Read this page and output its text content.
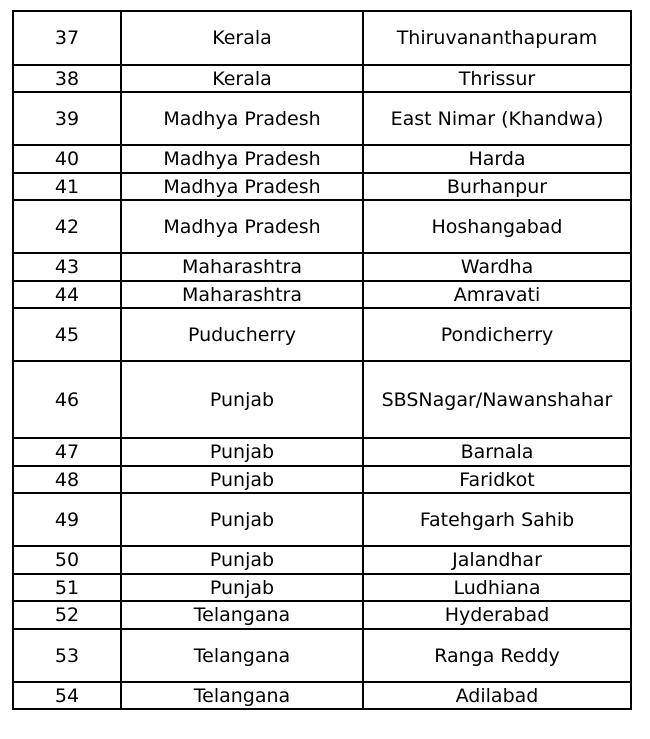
37	Kerala	Thiruvananthapuram
38	Kerala	Thrissur
39	Madhya Pradesh	East Nimar (Khandwa)
40	Madhya Pradesh	Harda
41	Madhya Pradesh	Burhanpur
42	Madhya Pradesh	Hoshangabad
43	Maharashtra	Wardha
44	Maharashtra	Amravati
45	Puducherry	Pondicherry
46	Punjab	SBSNagar/Nawanshahar
47	Punjab	Barnala
48	Punjab	Faridkot
49	Punjab	Fatehgarh Sahib
50	Punjab	Jalandhar
51	Punjab	Ludhiana
52	Telangana	Hyderabad
53	Telangana	Ranga Reddy
54	Telangana	Adilabad
